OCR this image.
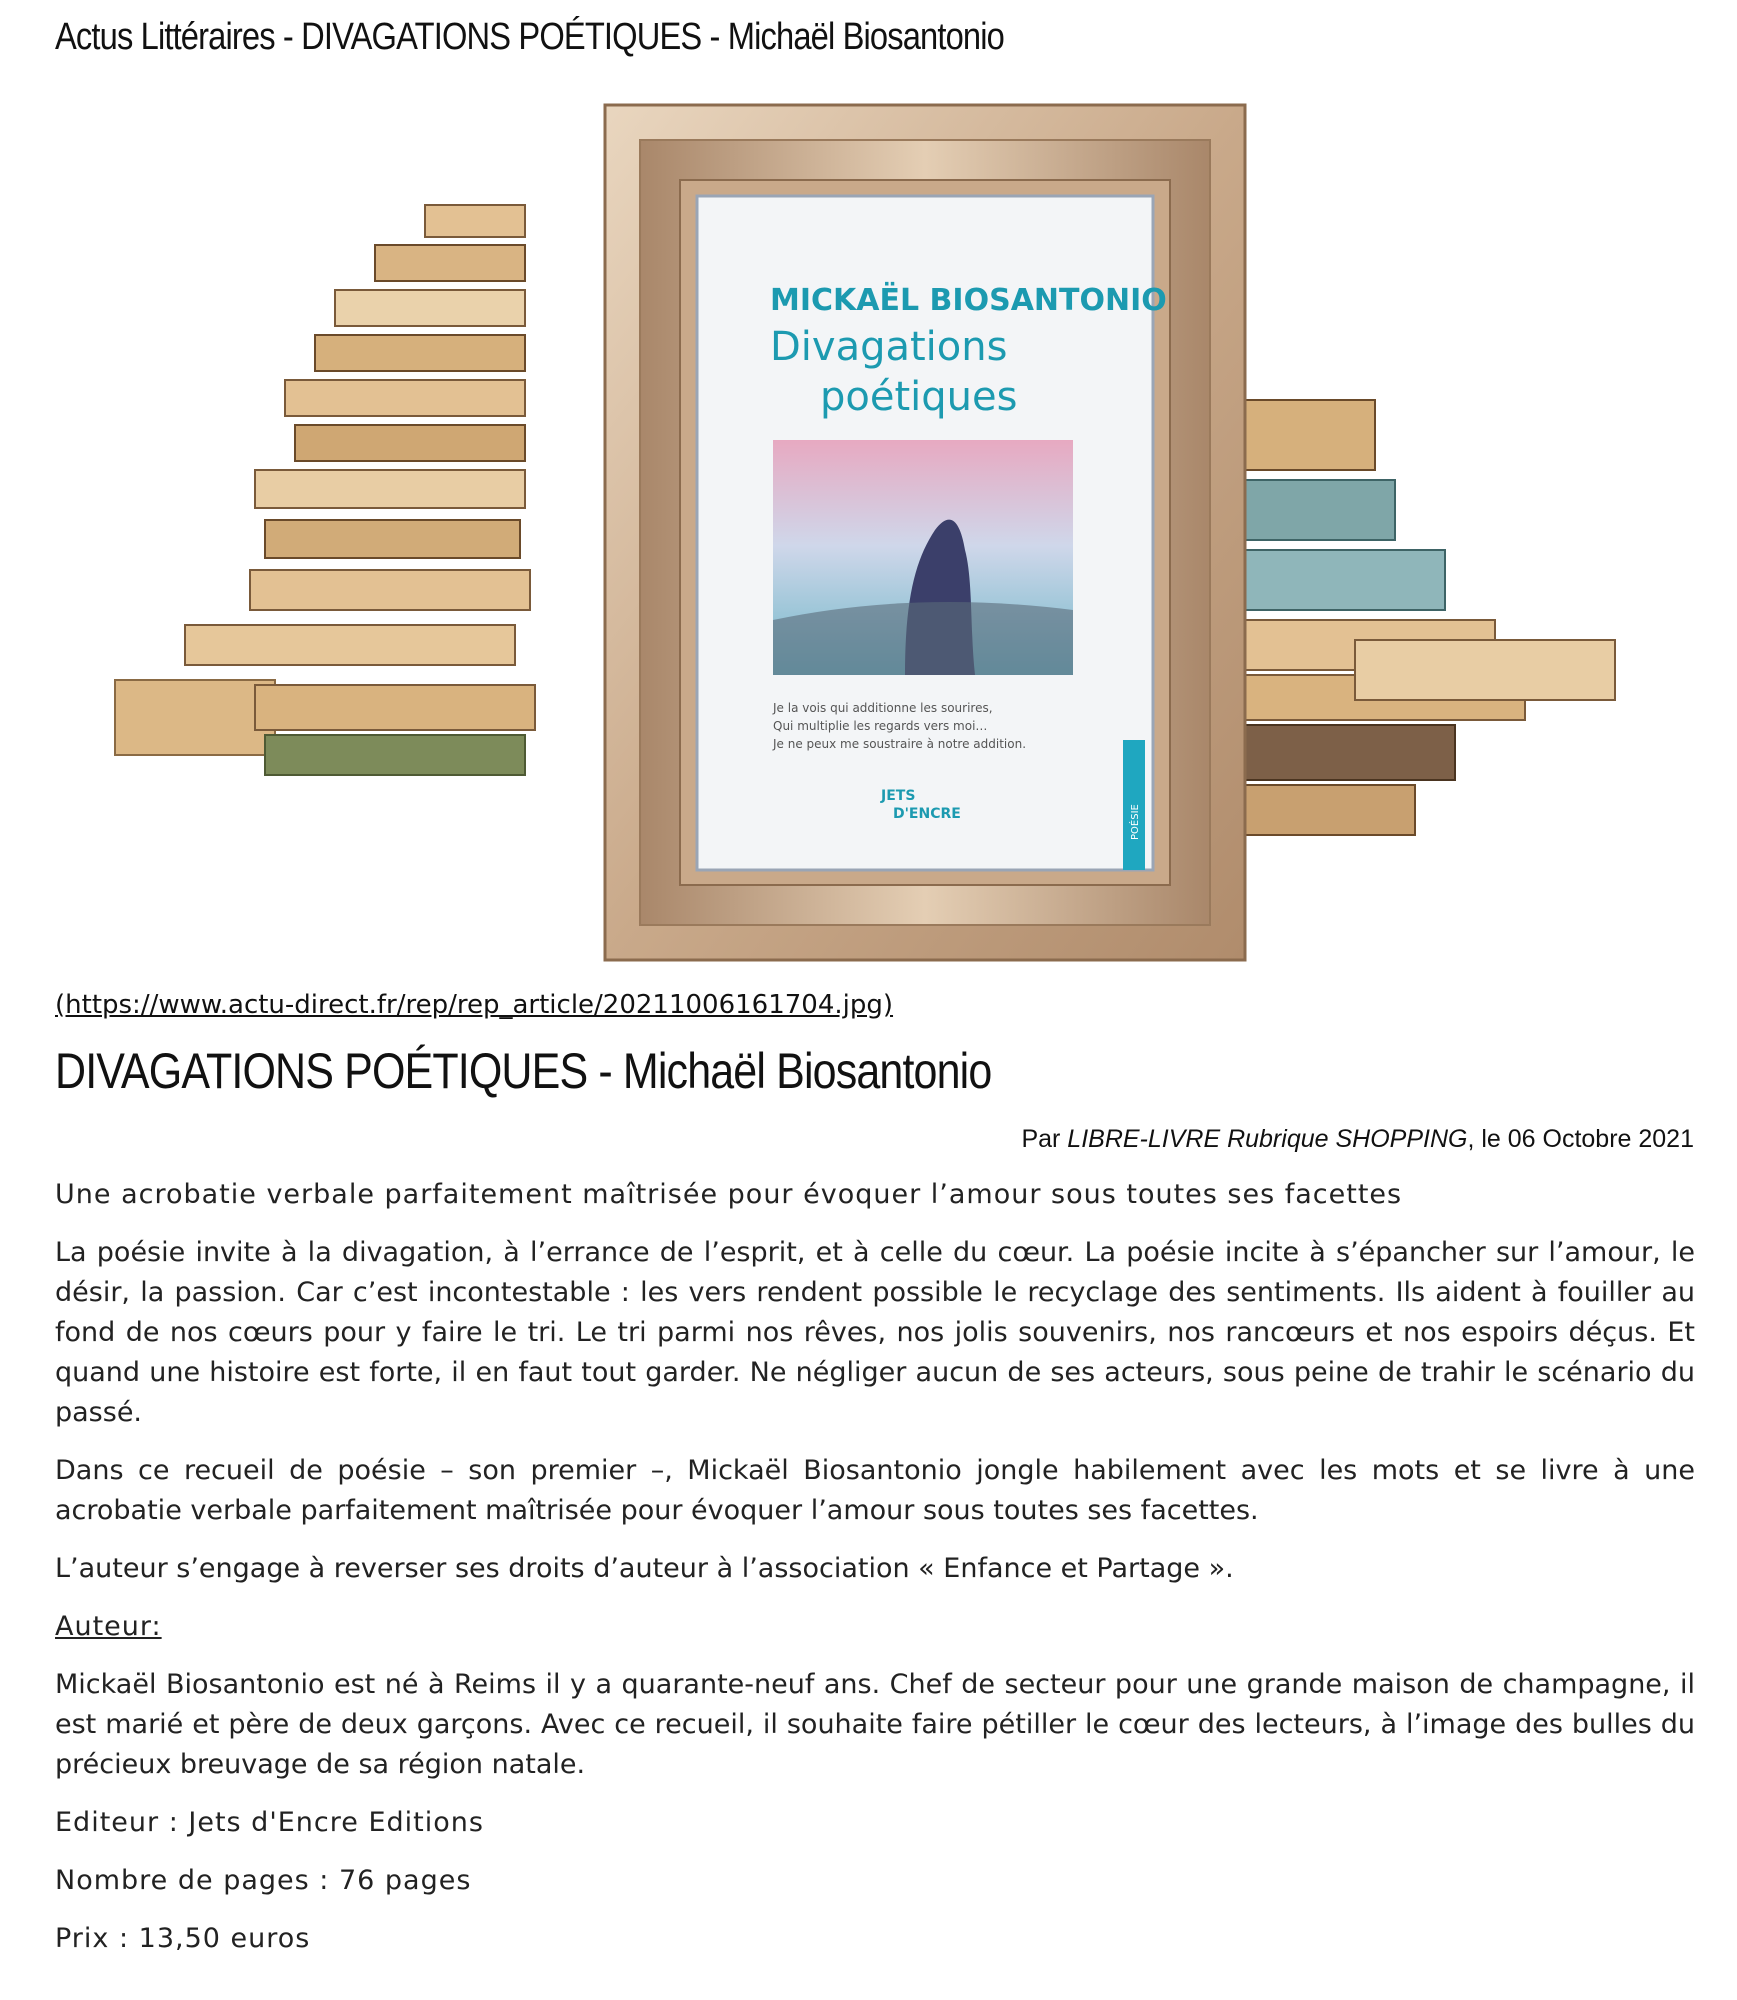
Actus Littéraires - DIVAGATIONS POÉTIQUES - Michaël Biosantonio
MICKAËL BIOSANTONIO
Divagations
poétiques
Je la vois qui additionne les sourires,
Qui multiplie les regards vers moi…
Je ne peux me soustraire à notre addition.
JETS
D'ENCRE	POÉSIE
(https://www.actu-direct.fr/rep/rep_article/20211006161704.jpg)
DIVAGATIONS POÉTIQUES - Michaël Biosantonio
Par LIBRE-LIVRE Rubrique SHOPPING, le 06 Octobre 2021

Une acrobatie verbale parfaitement maîtrisée pour évoquer l’amour sous toutes ses facettes

La poésie invite à la divagation, à l’errance de l’esprit, et à celle du cœur. La poésie incite à s’épancher sur l’amour, le désir, la passion. Car c’est incontestable : les vers rendent possible le recyclage des sentiments. Ils aident à fouiller au fond de nos cœurs pour y faire le tri. Le tri parmi nos rêves, nos jolis souvenirs, nos rancœurs et nos espoirs déçus. Et quand une histoire est forte, il en faut tout garder. Ne négliger aucun de ses acteurs, sous peine de trahir le scénario du passé.

Dans ce recueil de poésie – son premier –, Mickaël Biosantonio jongle habilement avec les mots et se livre à une acrobatie verbale parfaitement maîtrisée pour évoquer l’amour sous toutes ses facettes.

L’auteur s’engage à reverser ses droits d’auteur à l’association « Enfance et Partage ».

Auteur:

Mickaël Biosantonio est né à Reims il y a quarante-neuf ans. Chef de secteur pour une grande maison de champagne, il est marié et père de deux garçons. Avec ce recueil, il souhaite faire pétiller le cœur des lecteurs, à l’image des bulles du précieux breuvage de sa région natale.

Editeur : Jets d'Encre Editions

Nombre de pages : 76 pages

Prix : 13,50 euros
